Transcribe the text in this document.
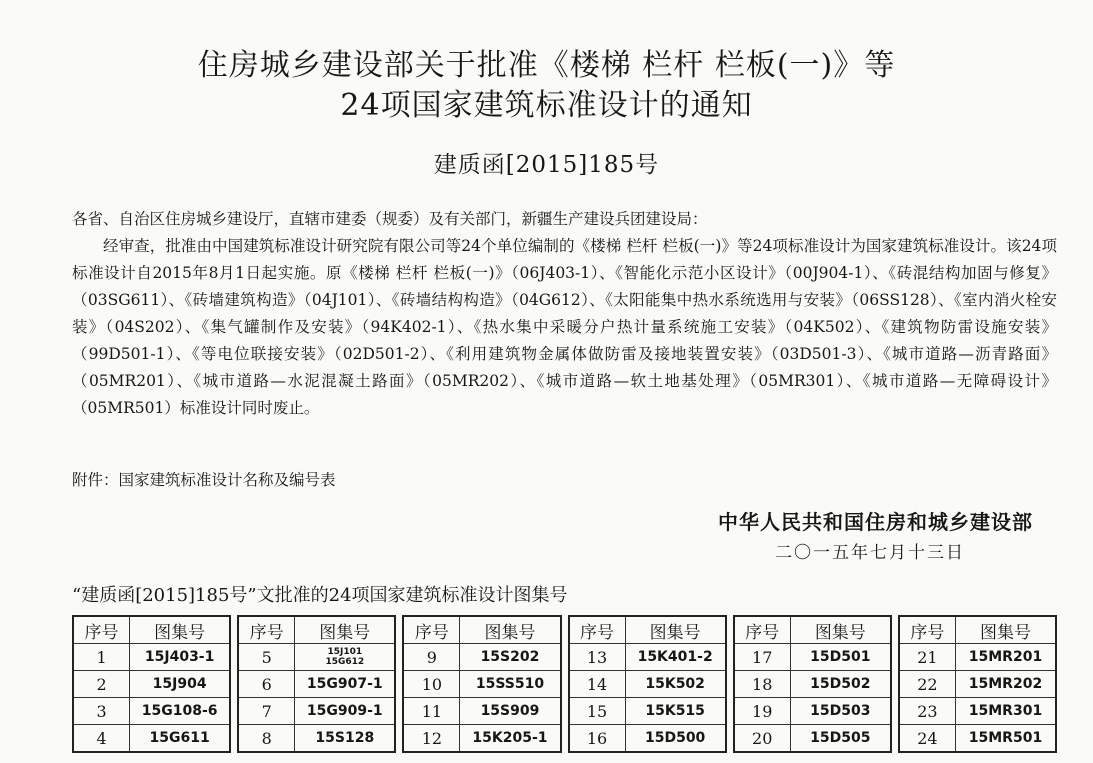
住房城乡建设部关于批准《楼梯 栏杆 栏板(一)》等
24项国家建筑标准设计的通知
建质函[2015]185号
各省、自治区住房城乡建设厅，直辖市建委（规委）及有关部门，新疆生产建设兵团建设局：

经审查，批准由中国建筑标准设计研究院有限公司等24个单位编制的《楼梯 栏杆 栏板(一)》等24项标准设计为国家建筑标准设计。该24项标准设计自2015年8月1日起实施。原《楼梯 栏杆 栏板(一)》（06J403-1）、《智能化示范小区设计》（00J904-1）、《砖混结构加固与修复》（03SG611）、《砖墙建筑构造》（04J101）、《砖墙结构构造》（04G612）、《太阳能集中热水系统选用与安装》（06SS128）、《室内消火栓安装》（04S202）、《集气罐制作及安装》（94K402-1）、《热水集中采暖分户热计量系统施工安装》（04K502）、《建筑物防雷设施安装》（99D501-1）、《等电位联接安装》（02D501-2）、《利用建筑物金属体做防雷及接地装置安装》（03D501-3）、《城市道路—沥青路面》（05MR201）、《城市道路—水泥混凝土路面》（05MR202）、《城市道路—软土地基处理》（05MR301）、《城市道路—无障碍设计》（05MR501）标准设计同时废止。

附件：国家建筑标准设计名称及编号表
中华人民共和国住房和城乡建设部
二〇一五年七月十三日
“建质函[2015]185号”文批准的24项国家建筑标准设计图集号
序号	图集号
1	15J403-1
2	15J904
3	15G108-6
4	15G611
序号	图集号
5	15J101
15G612

6	15G907-1
7	15G909-1
8	15S128
序号	图集号
9	15S202
10	15SS510
11	15S909
12	15K205-1
序号	图集号
13	15K401-2
14	15K502
15	15K515
16	15D500
序号	图集号
17	15D501
18	15D502
19	15D503
20	15D505
序号	图集号
21	15MR201
22	15MR202
23	15MR301
24	15MR501
